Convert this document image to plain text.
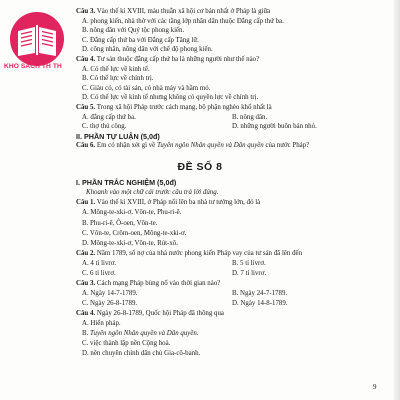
KHO SÁCH TH TH
Câu 3. Vào thế kỉ XVIII, màu thuẫn xã hội cơ bản nhất ở Pháp là giữa
A. phong kiến, nhà thờ với các tầng lớp nhân dân thuộc Đẳng cấp thứ ba.
B. nông dân với Quý tộc phong kiến.
C. Đẳng cấp thứ ba với Đẳng cấp Tăng lữ.
D. công nhân, nông dân với chế độ phong kiến.
Câu 4. Tư sản thuộc đẳng cấp thứ ba là những người như thế nào?
A. Có thế lực về kinh tế.
B. Có thế lực về chính trị.
C. Giàu có, có tài sản, có nhà máy và hầm mỏ.
D. Có thế lực về kinh tế nhưng không có quyền lực về chính trị.
Câu 5. Trong xã hội Pháp trước cách mạng, bộ phận nghèo khổ nhất là
A. đẳng cấp thứ ba.	B. nông dân.
C. thợ thủ công.	D. những người buôn bán nhỏ.
II. PHẦN TỰ LUẬN (5,0đ)
Câu 6. Em có nhận xét gì về Tuyên ngôn Nhân quyền và Dân quyền của nước Pháp?
ĐỀ SỐ 8
I. PHẦN TRẮC NGHIỆM (5,0đ)
Khoanh vào một chữ cái trước câu trả lời đúng.
Câu 1. Vào thế kỉ XVIII, ở Pháp nổi lên ba nhà tư tưởng lớn, đó là
A. Mông-te-xki-ơ, Vôn-te, Phu-ri-ê.
B. Phu-ri-ê, Ô-oen, Vôn-te.
C. Vôn-te, Crôm-oen, Mông-te-xki-ơ.
D. Mông-te-xki-ơ, Vôn-te, Rút-xô.
Câu 2. Năm 1789, số nợ của nhà nước phong kiến Pháp vay của tư sản đã lên đến
A. 4 tỉ livrơ.	B. 5 tỉ livrơ.
C. 6 tỉ livrơ.	D. 7 tỉ livrơ.
Câu 3. Cách mạng Pháp bùng nổ vào thời gian nào?
A. Ngày 14-7-1789.	B. Ngày 24-7-1789.
C. Ngày 26-8-1789.	D. Ngày 14-8-1789.
Câu 4. Ngày 26-8-1789, Quốc hội Pháp đã thông qua
A. Hiến pháp.
B. Tuyên ngôn Nhân quyền và Dân quyền.
C. việc thành lập nền Cộng hoà.
D. nền chuyên chính dân chủ Gia-cô-banh.
9
